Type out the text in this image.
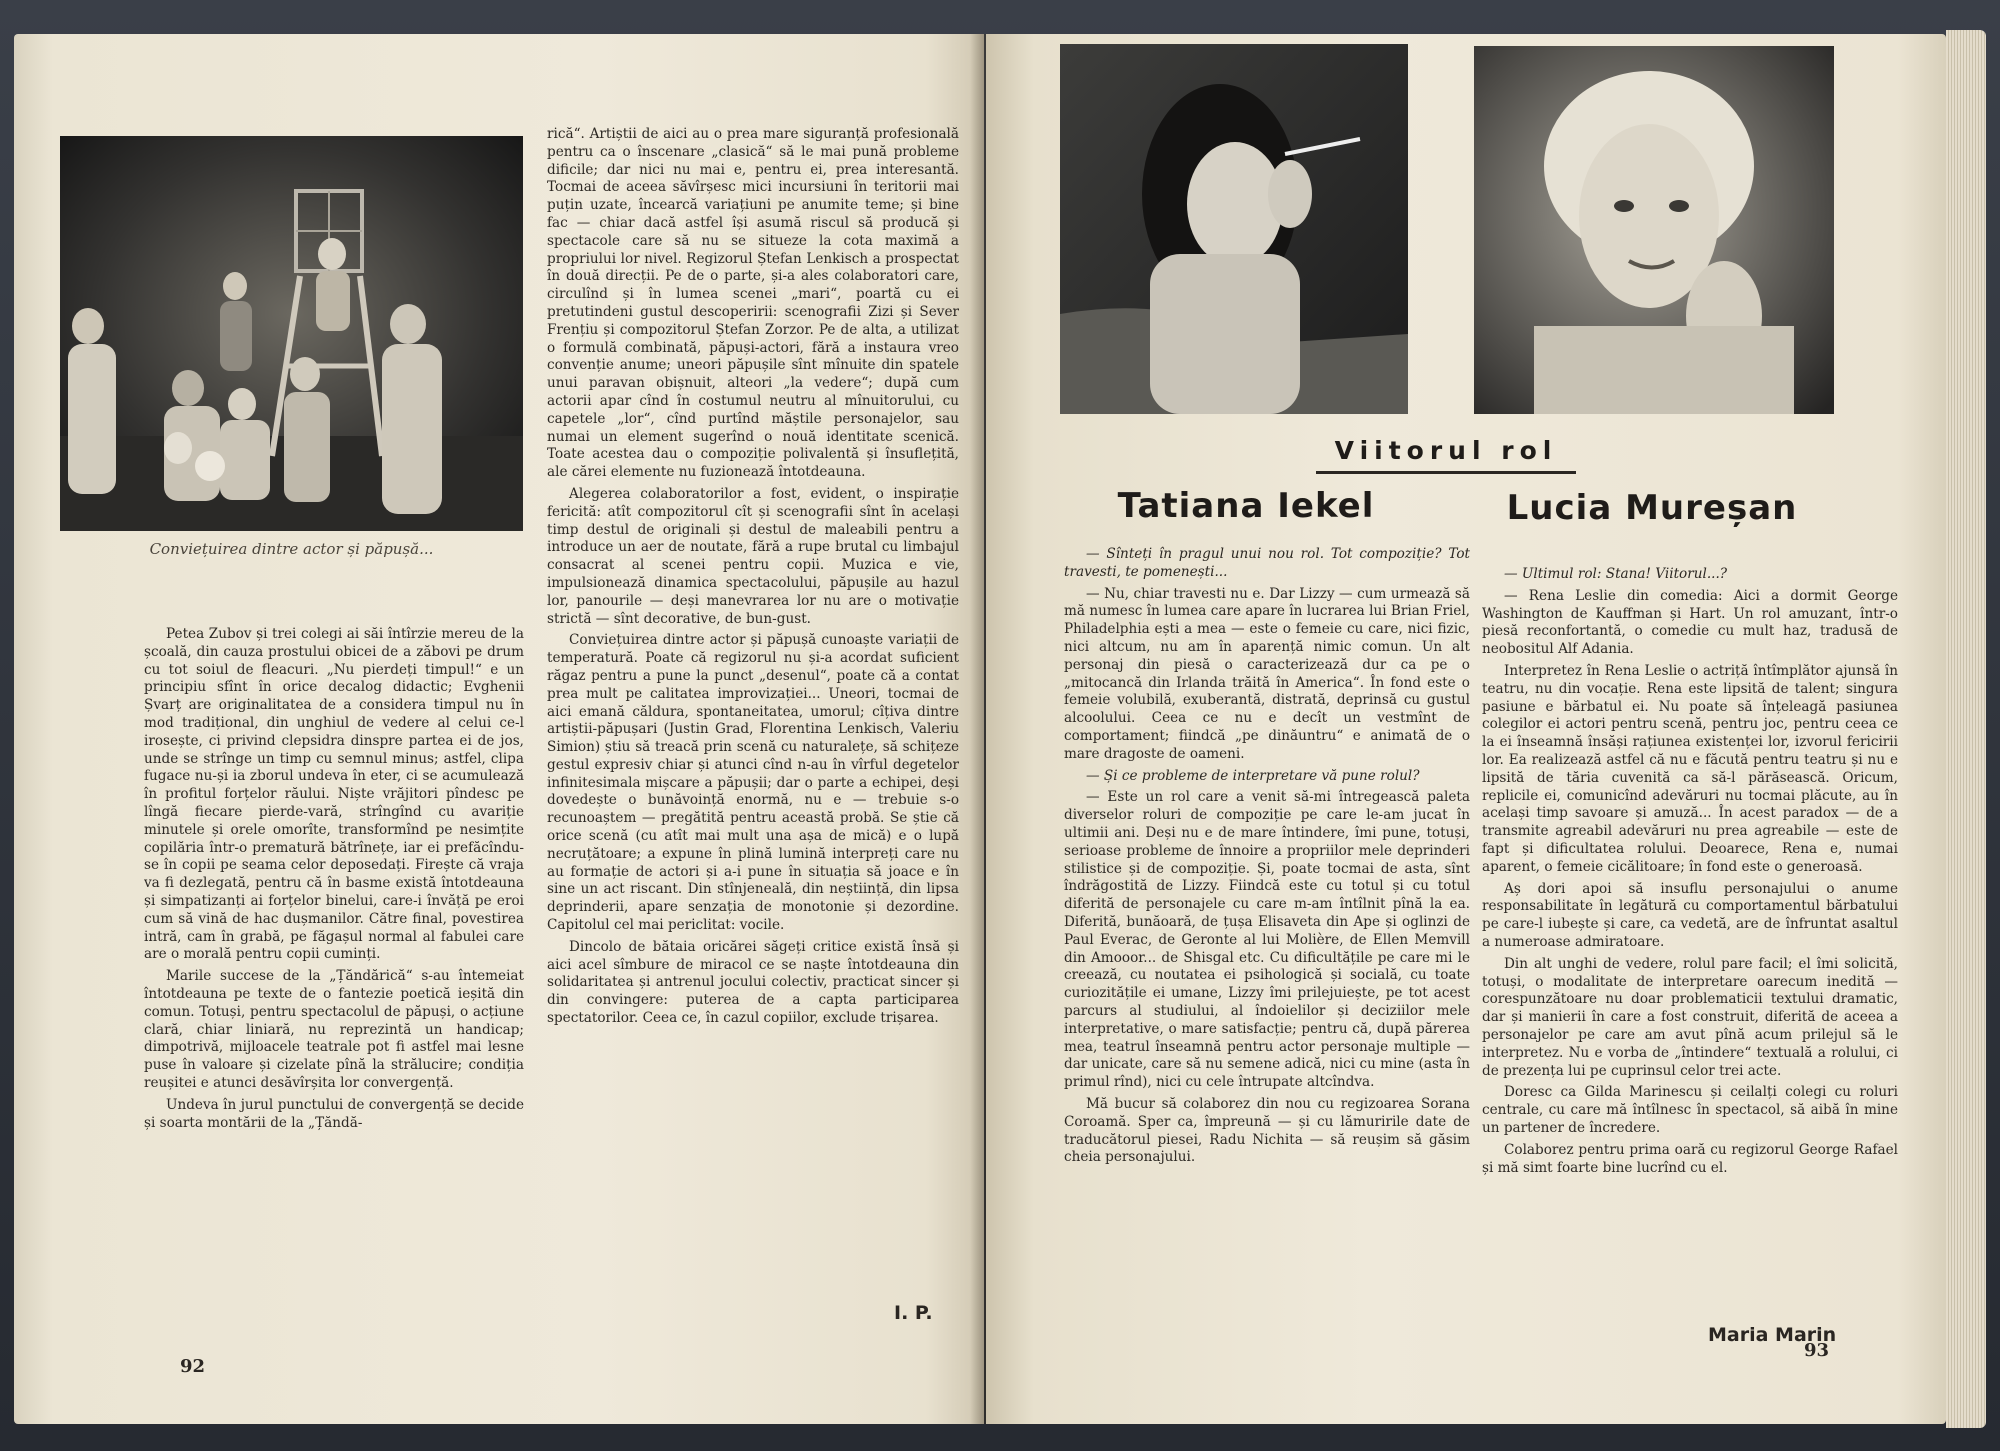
Conviețuirea dintre actor și păpușă...

Petea Zubov și trei colegi ai săi întîrzie mereu de la școală, din cauza prostului obicei de a zăbovi pe drum cu tot soiul de fleacuri. „Nu pierdeți timpul!“ e un principiu sfînt în orice decalog didactic; Evghenii Șvarț are originalitatea de a considera timpul nu în mod tradițional, din unghiul de vedere al celui ce-l irosește, ci privind clepsidra dinspre partea ei de jos, unde se strînge un timp cu semnul minus; astfel, clipa fugace nu-și ia zborul undeva în eter, ci se acumulează în profitul forțelor răului. Niște vrăjitori pîndesc pe lîngă fiecare pierde-vară, strîngînd cu avariție minutele și orele omorîte, transformînd pe nesimțite copilăria într-o prematură bătrînețe, iar ei prefăcîndu-se în copii pe seama celor deposedați. Firește că vraja va fi dezlegată, pentru că în basme există întotdeauna și simpatizanți ai forțelor binelui, care-i învăță pe eroi cum să vină de hac dușmanilor. Către final, povestirea intră, cam în grabă, pe făgașul normal al fabulei care are o morală pentru copii cuminți.

Marile succese de la „Țăndărică“ s-au întemeiat întotdeauna pe texte de o fantezie poetică ieșită din comun. Totuși, pentru spectacolul de păpuși, o acțiune clară, chiar liniară, nu reprezintă un handicap; dimpotrivă, mijloacele teatrale pot fi astfel mai lesne puse în valoare și cizelate pînă la strălucire; condiția reușitei e atunci desăvîrșita lor convergență.

Undeva în jurul punctului de convergență se decide și soarta montării de la „Țăndă-

rică“. Artiștii de aici au o prea mare siguranță profesională pentru ca o înscenare „clasică“ să le mai pună probleme dificile; dar nici nu mai e, pentru ei, prea interesantă. Tocmai de aceea săvîrșesc mici incursiuni în teritorii mai puțin uzate, încearcă variațiuni pe anumite teme; și bine fac — chiar dacă astfel își asumă riscul să producă și spectacole care să nu se situeze la cota maximă a propriului lor nivel. Regizorul Ștefan Lenkisch a prospectat în două direcții. Pe de o parte, și-a ales colaboratori care, circulînd și în lumea scenei „mari“, poartă cu ei pretutindeni gustul descoperirii: scenografii Zizi și Sever Frențiu și compozitorul Ștefan Zorzor. Pe de alta, a utilizat o formulă combinată, păpuși-actori, fără a instaura vreo convenție anume; uneori păpușile sînt mînuite din spatele unui paravan obișnuit, alteori „la vedere“; după cum actorii apar cînd în costumul neutru al mînuitorului, cu capetele „lor“, cînd purtînd măștile personajelor, sau numai un element sugerînd o nouă identitate scenică. Toate acestea dau o compoziție polivalentă și însuflețită, ale cărei elemente nu fuzionează întotdeauna.

Alegerea colaboratorilor a fost, evident, o inspirație fericită: atît compozitorul cît și scenografii sînt în același timp destul de originali și destul de maleabili pentru a introduce un aer de noutate, fără a rupe brutal cu limbajul consacrat al scenei pentru copii. Muzica e vie, impulsionează dinamica spectacolului, păpușile au hazul lor, panourile — deși manevrarea lor nu are o motivație strictă — sînt decorative, de bun-gust.

Conviețuirea dintre actor și păpușă cunoaște variații de temperatură. Poate că regizorul nu și-a acordat suficient răgaz pentru a pune la punct „desenul“, poate că a contat prea mult pe calitatea improvizației... Uneori, tocmai de aici emană căldura, spontaneitatea, umorul; cîțiva dintre artiștii-păpușari (Justin Grad, Florentina Lenkisch, Valeriu Simion) știu să treacă prin scenă cu naturalețe, să schițeze gestul expresiv chiar și atunci cînd n-au în vîrful degetelor infinitesimala mișcare a păpușii; dar o parte a echipei, deși dovedește o bunăvoință enormă, nu e — trebuie s-o recunoaștem — pregătită pentru această probă. Se știe că orice scenă (cu atît mai mult una așa de mică) e o lupă necruțătoare; a expune în plină lumină interpreți care nu au formație de actori și a-i pune în situația să joace e în sine un act riscant. Din stînjeneală, din neștiință, din lipsa deprinderii, apare senzația de monotonie și dezordine. Capitolul cel mai periclitat: vocile.

Dincolo de bătaia oricărei săgeți critice există însă și aici acel sîmbure de miracol ce se naște întotdeauna din solidaritatea și antrenul jocului colectiv, practicat sincer și din convingere: puterea de a capta participarea spectatorilor. Ceea ce, în cazul copiilor, exclude trișarea.

I. P.
92
Viitorul rol
Tatiana Iekel	Lucia Mureșan

— Sînteți în pragul unui nou rol. Tot compoziție? Tot travesti, te pomenești...

— Nu, chiar travesti nu e. Dar Lizzy — cum urmează să mă numesc în lumea care apare în lucrarea lui Brian Friel, Philadelphia ești a mea — este o femeie cu care, nici fizic, nici altcum, nu am în aparență nimic comun. Un alt personaj din piesă o caracterizează dur ca pe o „mitocancă din Irlanda trăită în America“. În fond este o femeie volubilă, exuberantă, distrată, deprinsă cu gustul alcoolului. Ceea ce nu e decît un vestmînt de comportament; fiindcă „pe dinăuntru“ e animată de o mare dragoste de oameni.

— Și ce probleme de interpretare vă pune rolul?

— Este un rol care a venit să-mi întregească paleta diverselor roluri de compoziție pe care le-am jucat în ultimii ani. Deși nu e de mare întindere, îmi pune, totuși, serioase probleme de înnoire a propriilor mele deprinderi stilistice și de compoziție. Și, poate tocmai de asta, sînt îndrăgostită de Lizzy. Fiindcă este cu totul și cu totul diferită de personajele cu care m-am întîlnit pînă la ea. Diferită, bunăoară, de țușa Elisaveta din Ape și oglinzi de Paul Everac, de Geronte al lui Molière, de Ellen Memvill din Amooor... de Shisgal etc. Cu dificultățile pe care mi le creează, cu noutatea ei psihologică și socială, cu toate curiozitățile ei umane, Lizzy îmi prilejuiește, pe tot acest parcurs al studiului, al îndoielilor și deciziilor mele interpretative, o mare satisfacție; pentru că, după părerea mea, teatrul înseamnă pentru actor personaje multiple — dar unicate, care să nu semene adică, nici cu mine (asta în primul rînd), nici cu cele întrupate altcîndva.

Mă bucur să colaborez din nou cu regizoarea Sorana Coroamă. Sper ca, împreună — și cu lămuririle date de traducătorul piesei, Radu Nichita — să reușim să găsim cheia personajului.

— Ultimul rol: Stana! Viitorul...?

— Rena Leslie din comedia: Aici a dormit George Washington de Kauffman și Hart. Un rol amuzant, într-o piesă reconfortantă, o comedie cu mult haz, tradusă de neobositul Alf Adania.

Interpretez în Rena Leslie o actriță întîmplător ajunsă în teatru, nu din vocație. Rena este lipsită de talent; singura pasiune e bărbatul ei. Nu poate să înțeleagă pasiunea colegilor ei actori pentru scenă, pentru joc, pentru ceea ce la ei înseamnă însăși rațiunea existenței lor, izvorul fericirii lor. Ea realizează astfel că nu e făcută pentru teatru și nu e lipsită de tăria cuvenită ca să-l părăsească. Oricum, replicile ei, comunicînd adevăruri nu tocmai plăcute, au în același timp savoare și amuză... În acest paradox — de a transmite agreabil adevăruri nu prea agreabile — este de fapt și dificultatea rolului. Deoarece, Rena e, numai aparent, o femeie cicălitoare; în fond este o generoasă.

Aș dori apoi să insuflu personajului o anume responsabilitate în legătură cu comportamentul bărbatului pe care-l iubește și care, ca vedetă, are de înfruntat asaltul a numeroase admiratoare.

Din alt unghi de vedere, rolul pare facil; el îmi solicită, totuși, o modalitate de interpretare oarecum inedită — corespunzătoare nu doar problematicii textului dramatic, dar și manierii în care a fost construit, diferită de aceea a personajelor pe care am avut pînă acum prilejul să le interpretez. Nu e vorba de „întindere“ textuală a rolului, ci de prezența lui pe cuprinsul celor trei acte.

Doresc ca Gilda Marinescu și ceilalți colegi cu roluri centrale, cu care mă întîlnesc în spectacol, să aibă în mine un partener de încredere.

Colaborez pentru prima oară cu regizorul George Rafael și mă simt foarte bine lucrînd cu el.

Maria Marin
93
